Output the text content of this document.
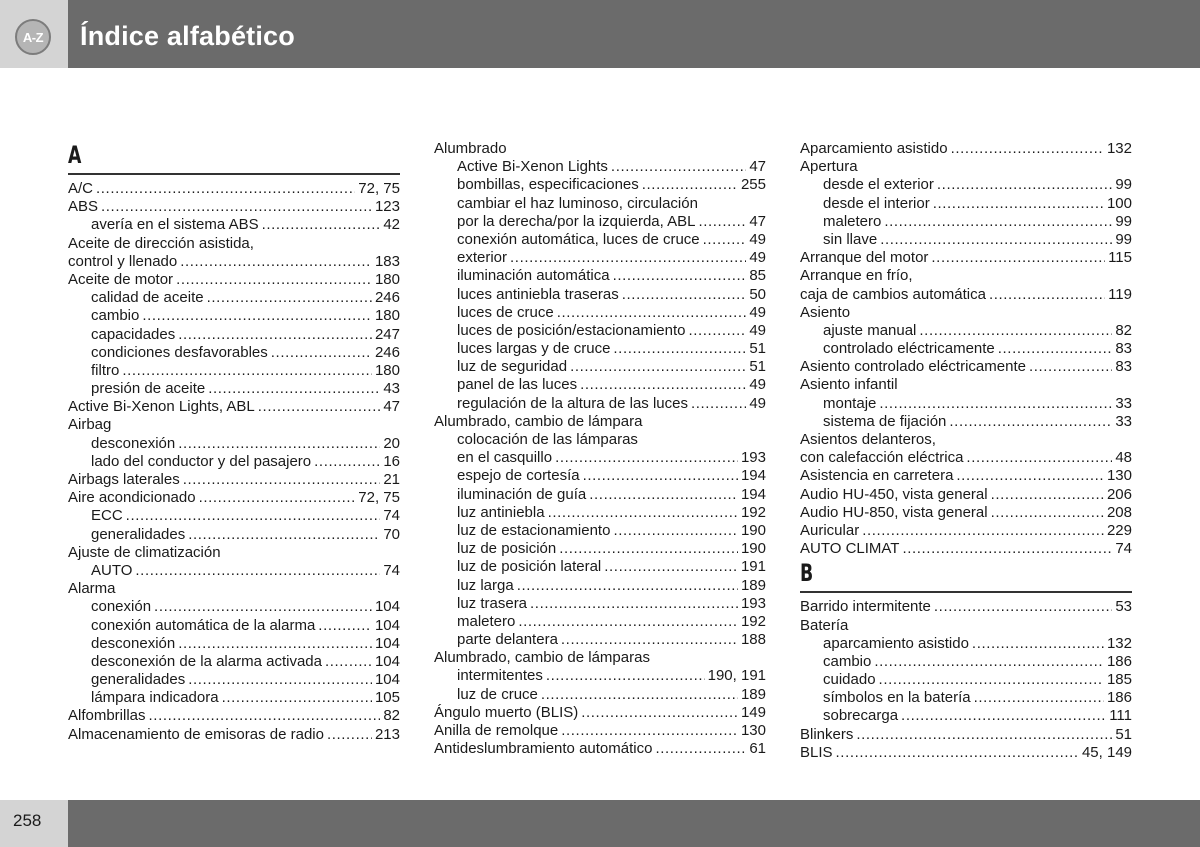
A-Z Índice alfabético
A
A/C .....	72, 75
ABS .....	123
avería en el sistema ABS .....	42
Aceite de dirección asistida,
control y llenado .....	183
Aceite de motor .....	180
calidad de aceite .....	246
cambio .....	180
capacidades .....	247
condiciones desfavorables .....	246
filtro .....	180
presión de aceite .....	43
Active Bi-Xenon Lights, ABL .....	47
Airbag
desconexión .....	20
lado del conductor y del pasajero .....	16
Airbags laterales .....	21
Aire acondicionado .....	72, 75
ECC .....	74
generalidades .....	70
Ajuste de climatización
AUTO .....	74
Alarma
conexión .....	104
conexión automática de la alarma .....	104
desconexión .....	104
desconexión de la alarma activada .....	104
generalidades .....	104
lámpara indicadora .....	105
Alfombrillas .....	82
Almacenamiento de emisoras de radio .....	213
Alumbrado
Active Bi-Xenon Lights .....	47
bombillas, especificaciones .....	255
cambiar el haz luminoso, circulación
por la derecha/por la izquierda, ABL .....	47
conexión automática, luces de cruce .....	49
exterior .....	49
iluminación automática .....	85
luces antiniebla traseras .....	50
luces de cruce .....	49
luces de posición/estacionamiento .....	49
luces largas y de cruce .....	51
luz de seguridad .....	51
panel de las luces .....	49
regulación de la altura de las luces .....	49
Alumbrado, cambio de lámpara
colocación de las lámparas
en el casquillo .....	193
espejo de cortesía .....	194
iluminación de guía .....	194
luz antiniebla .....	192
luz de estacionamiento .....	190
luz de posición .....	190
luz de posición lateral .....	191
luz larga .....	189
luz trasera .....	193
maletero .....	192
parte delantera .....	188
Alumbrado, cambio de lámparas
intermitentes .....	190, 191
luz de cruce .....	189
Ángulo muerto (BLIS) .....	149
Anilla de remolque .....	130
Antideslumbramiento automático .....	61
Aparcamiento asistido .....	132
Apertura
desde el exterior .....	99
desde el interior .....	100
maletero .....	99
sin llave .....	99
Arranque del motor .....	115
Arranque en frío,
caja de cambios automática .....	119
Asiento
ajuste manual .....	82
controlado eléctricamente .....	83
Asiento controlado eléctricamente .....	83
Asiento infantil
montaje .....	33
sistema de fijación .....	33
Asientos delanteros,
con calefacción eléctrica .....	48
Asistencia en carretera .....	130
Audio HU-450, vista general .....	206
Audio HU-850, vista general .....	208
Auricular .....	229
AUTO CLIMAT .....	74
B
Barrido intermitente .....	53
Batería
aparcamiento asistido .....	132
cambio .....	186
cuidado .....	185
símbolos en la batería .....	186
sobrecarga .....	111
Blinkers .....	51
BLIS .....	45, 149
258
